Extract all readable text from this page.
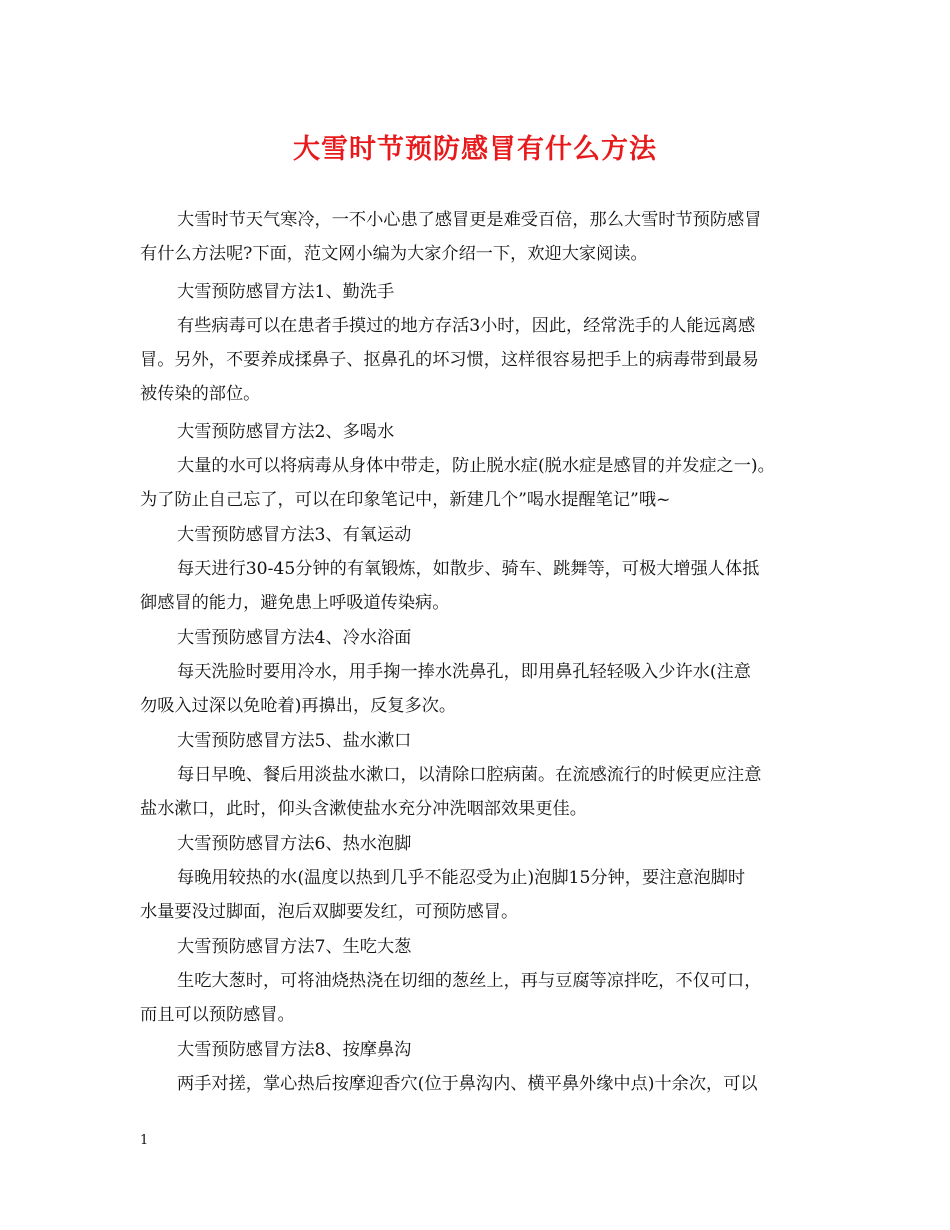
大雪时节预防感冒有什么方法
大雪时节天气寒冷，一不小心患了感冒更是难受百倍，那么大雪时节预防感冒
有什么方法呢?下面，范文网小编为大家介绍一下，欢迎大家阅读。
大雪预防感冒方法1、勤洗手
有些病毒可以在患者手摸过的地方存活3小时，因此，经常洗手的人能远离感
冒。另外，不要养成揉鼻子、抠鼻孔的坏习惯，这样很容易把手上的病毒带到最易
被传染的部位。
大雪预防感冒方法2、多喝水
大量的水可以将病毒从身体中带走，防止脱水症(脱水症是感冒的并发症之一)。
为了防止自己忘了，可以在印象笔记中，新建几个”喝水提醒笔记”哦~
大雪预防感冒方法3、有氧运动
每天进行30-45分钟的有氧锻炼，如散步、骑车、跳舞等，可极大增强人体抵
御感冒的能力，避免患上呼吸道传染病。
大雪预防感冒方法4、冷水浴面
每天洗脸时要用冷水，用手掬一捧水洗鼻孔，即用鼻孔轻轻吸入少许水(注意
勿吸入过深以免呛着)再擤出，反复多次。
大雪预防感冒方法5、盐水漱口
每日早晚、餐后用淡盐水漱口，以清除口腔病菌。在流感流行的时候更应注意
盐水漱口，此时，仰头含漱使盐水充分冲洗咽部效果更佳。
大雪预防感冒方法6、热水泡脚
每晚用较热的水(温度以热到几乎不能忍受为止)泡脚15分钟，要注意泡脚时
水量要没过脚面，泡后双脚要发红，可预防感冒。
大雪预防感冒方法7、生吃大葱
生吃大葱时，可将油烧热浇在切细的葱丝上，再与豆腐等凉拌吃，不仅可口，
而且可以预防感冒。
大雪预防感冒方法8、按摩鼻沟
两手对搓，掌心热后按摩迎香穴(位于鼻沟内、横平鼻外缘中点)十余次，可以
1
